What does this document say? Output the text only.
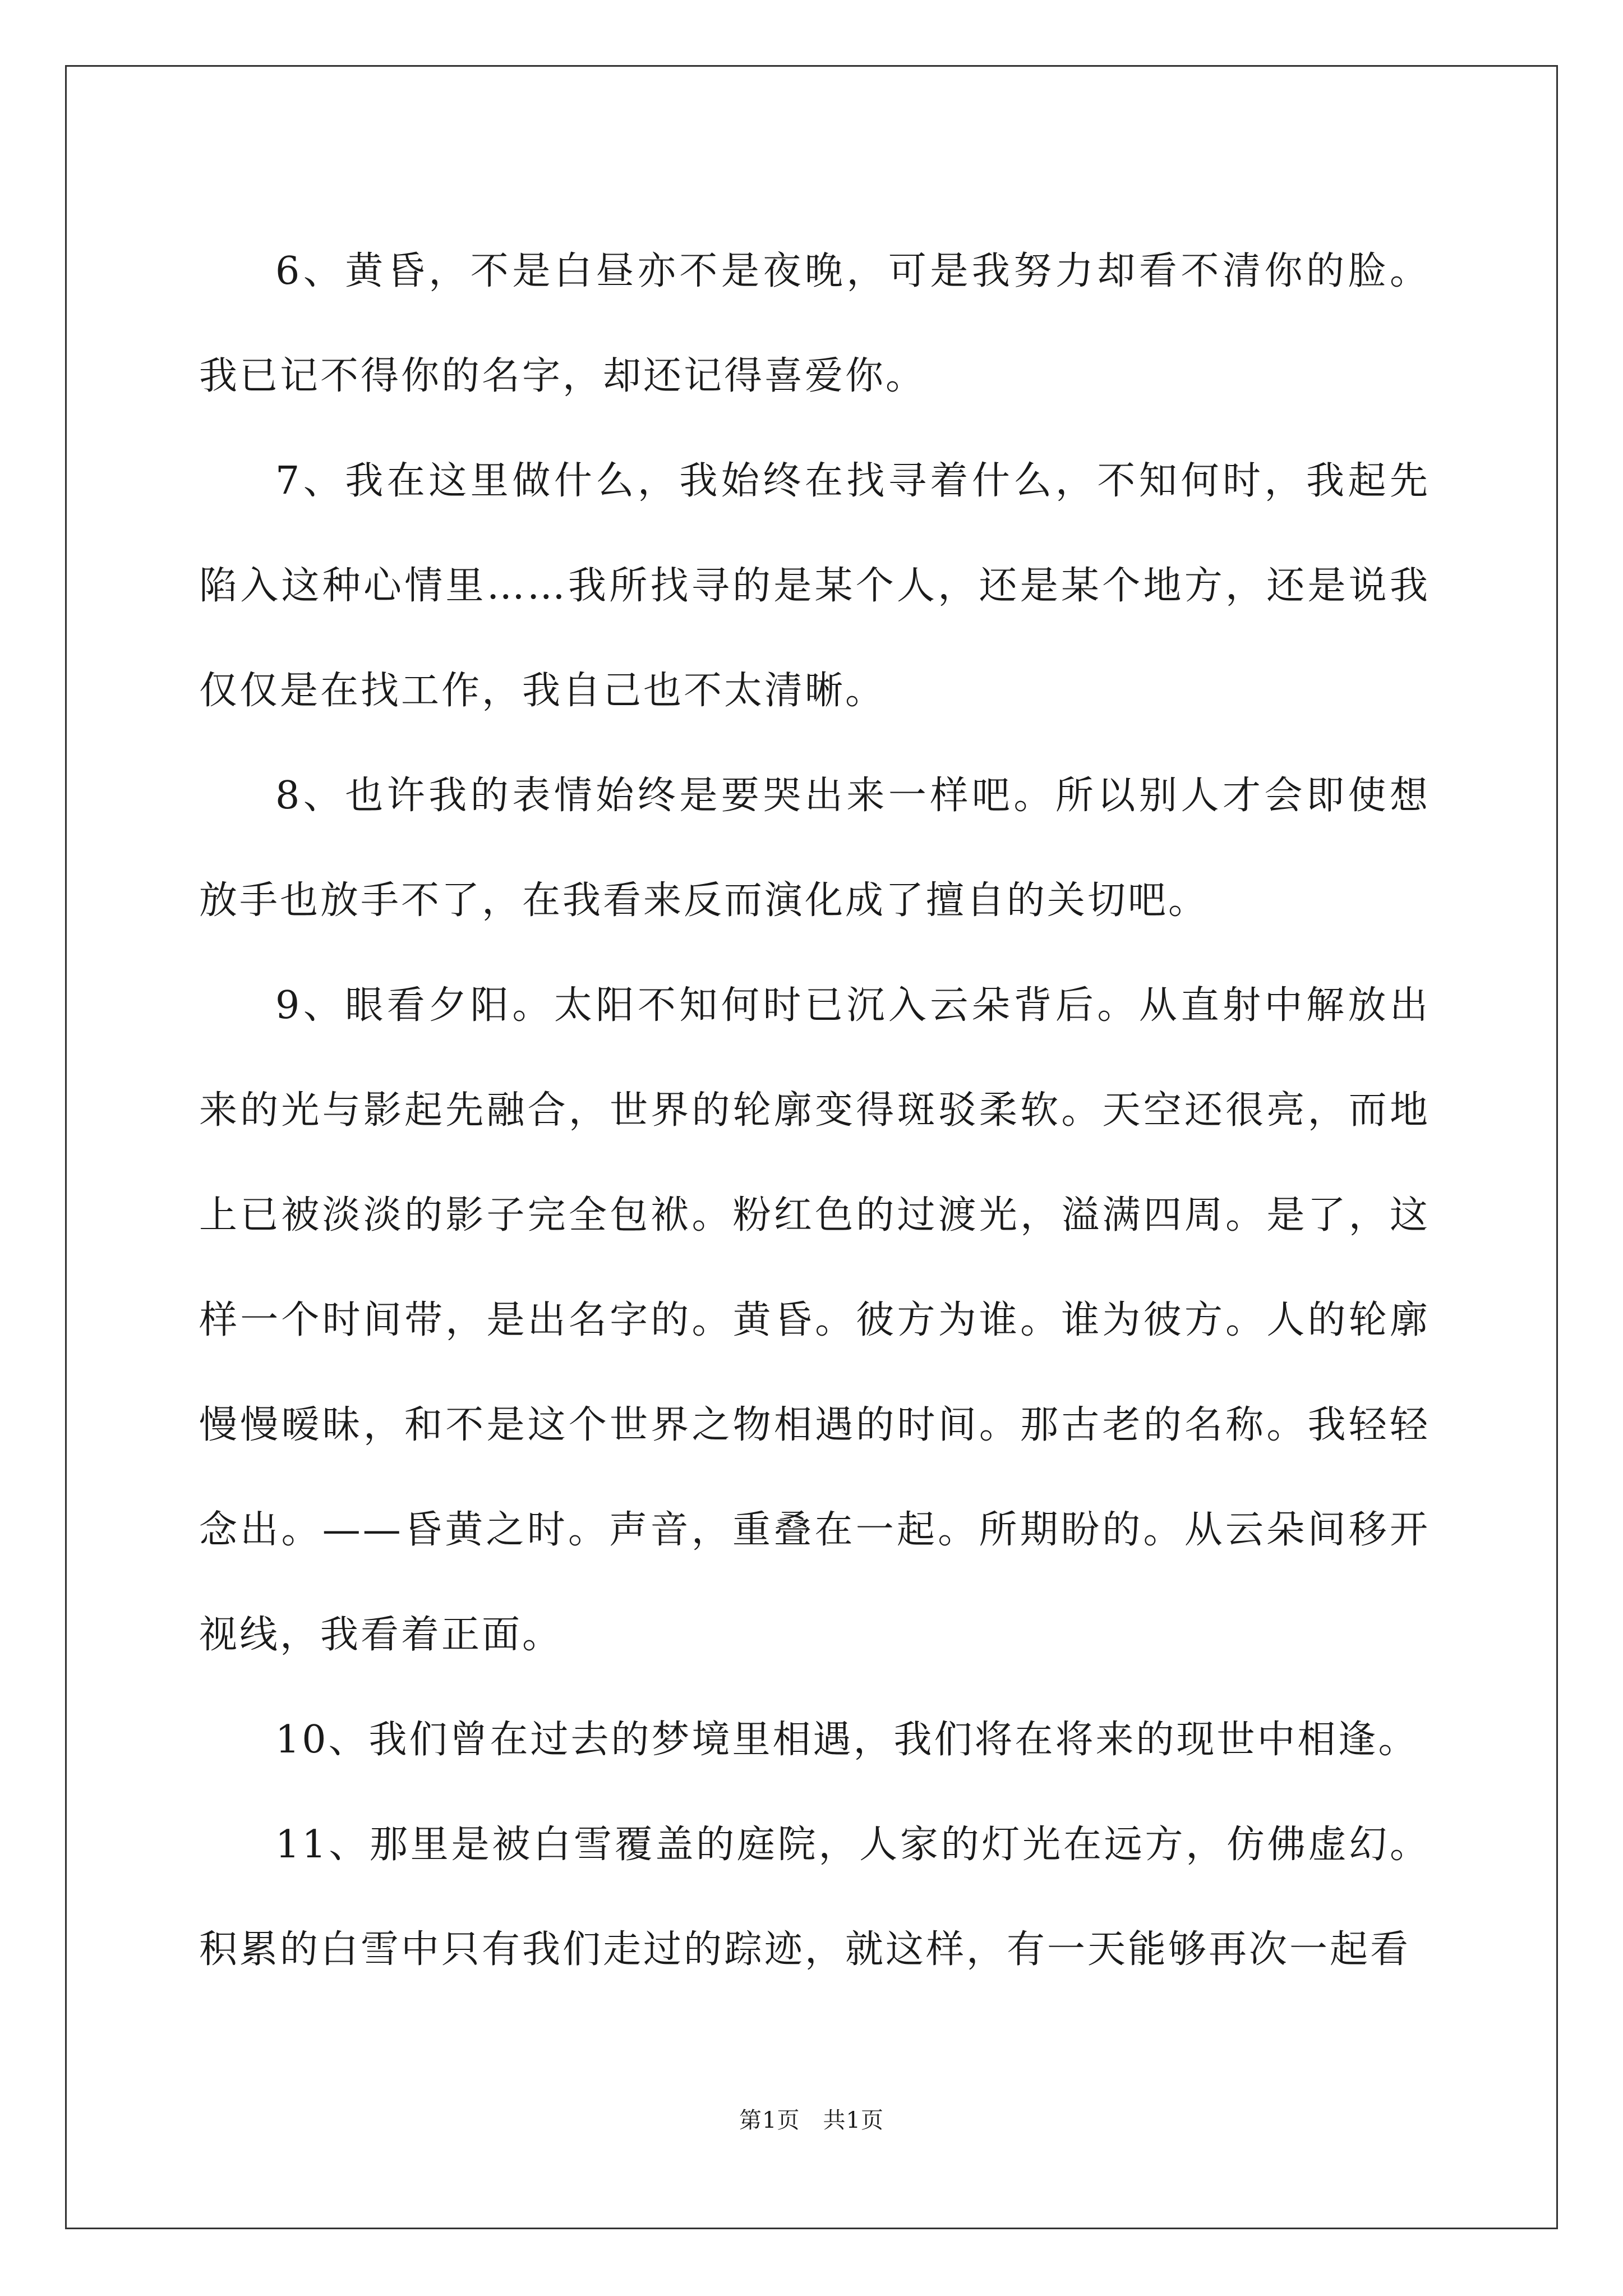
6、黄昏，不是白昼亦不是夜晚，可是我努力却看不清你的脸。我已记不得你的名字，却还记得喜爱你。

7、我在这里做什么，我始终在找寻着什么，不知何时，我起先陷入这种心情里……我所找寻的是某个人，还是某个地方，还是说我仅仅是在找工作，我自己也不太清晰。

8、也许我的表情始终是要哭出来一样吧。所以别人才会即使想放手也放手不了，在我看来反而演化成了擅自的关切吧。

9、眼看夕阳。太阳不知何时已沉入云朵背后。从直射中解放出来的光与影起先融合，世界的轮廓变得斑驳柔软。天空还很亮，而地上已被淡淡的影子完全包袱。粉红色的过渡光，溢满四周。是了，这样一个时间带，是出名字的。黄昏。彼方为谁。谁为彼方。人的轮廓慢慢暧昧，和不是这个世界之物相遇的时间。那古老的名称。我轻轻念出。——昏黄之时。声音，重叠在一起。所期盼的。从云朵间移开视线，我看着正面。

10、我们曾在过去的梦境里相遇，我们将在将来的现世中相逢。

11、那里是被白雪覆盖的庭院，人家的灯光在远方，仿佛虚幻。积累的白雪中只有我们走过的踪迹，就这样，有一天能够再次一起看

第1页　共1页
